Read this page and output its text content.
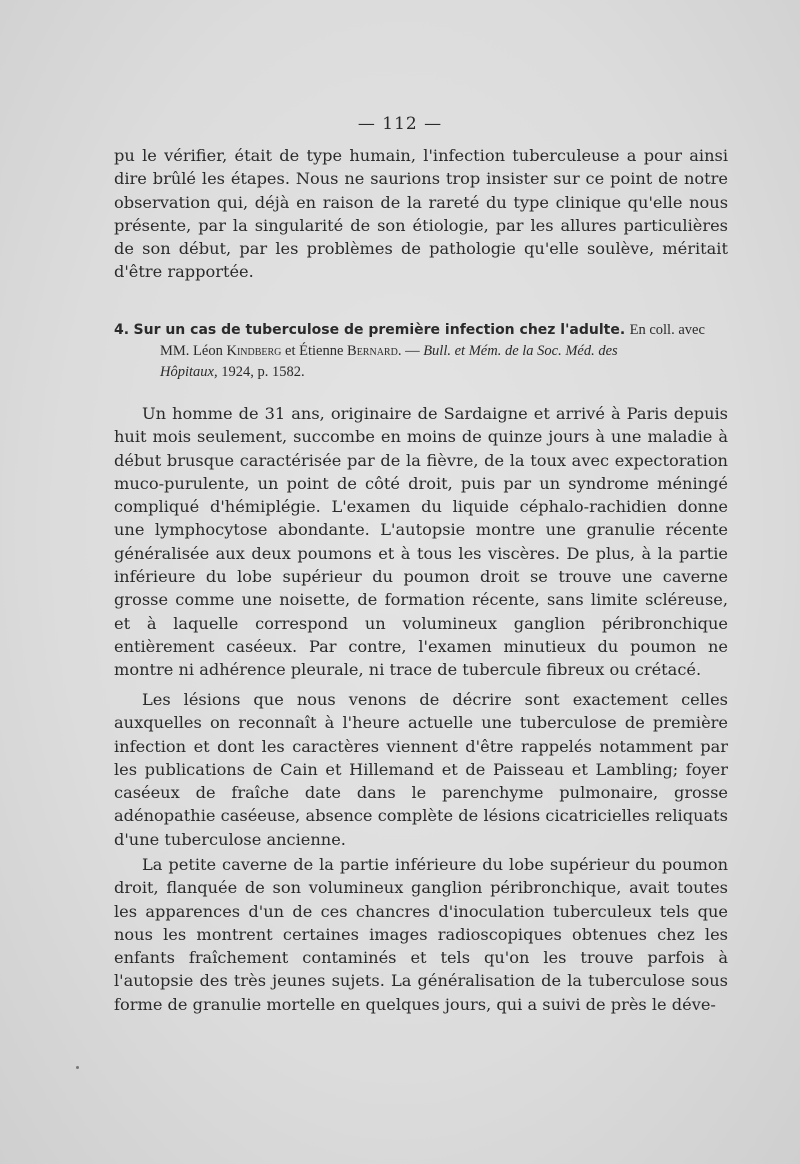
— 112 —

pu le vérifier, était de type humain, l'infection tuberculeuse a pour ainsi dire brûlé les étapes. Nous ne saurions trop insister sur ce point de notre observation qui, déjà en raison de la rareté du type clinique qu'elle nous présente, par la singularité de son étiologie, par les allures particulières de son début, par les problèmes de pathologie qu'elle soulève, méritait d'être rapportée.

4. Sur un cas de tuberculose de première infection chez l'adulte. En coll. avec
MM. Léon Kindberg et Étienne Bernard. — Bull. et Mém. de la Soc. Méd. des
Hôpitaux, 1924, p. 1582.

Un homme de 31 ans, originaire de Sardaigne et arrivé à Paris depuis huit mois seulement, succombe en moins de quinze jours à une maladie à début brusque caractérisée par de la fièvre, de la toux avec expectoration muco-purulente, un point de côté droit, puis par un syndrome méningé compliqué d'hémiplégie. L'examen du liquide céphalo-rachidien donne une lymphocytose abondante. L'autopsie montre une granulie récente généralisée aux deux poumons et à tous les viscères. De plus, à la partie inférieure du lobe supérieur du poumon droit se trouve une caverne grosse comme une noisette, de formation récente, sans limite scléreuse, et à laquelle correspond un volumineux ganglion péribronchique entièrement caséeux. Par contre, l'examen minutieux du poumon ne montre ni adhérence pleurale, ni trace de tubercule fibreux ou crétacé.

Les lésions que nous venons de décrire sont exactement celles auxquelles on reconnaît à l'heure actuelle une tuberculose de première infection et dont les caractères viennent d'être rappelés notamment par les publications de Cain et Hillemand et de Paisseau et Lambling; foyer caséeux de fraîche date dans le parenchyme pulmonaire, grosse adénopathie caséeuse, absence complète de lésions cicatricielles reliquats d'une tuberculose ancienne.

La petite caverne de la partie inférieure du lobe supérieur du poumon droit, flanquée de son volumineux ganglion péribronchique, avait toutes les apparences d'un de ces chancres d'inoculation tuberculeux tels que nous les montrent certaines images radioscopiques obtenues chez les enfants fraîchement contaminés et tels qu'on les trouve parfois à l'autopsie des très jeunes sujets. La généralisation de la tuberculose sous forme de granulie mortelle en quelques jours, qui a suivi de près le déve-
